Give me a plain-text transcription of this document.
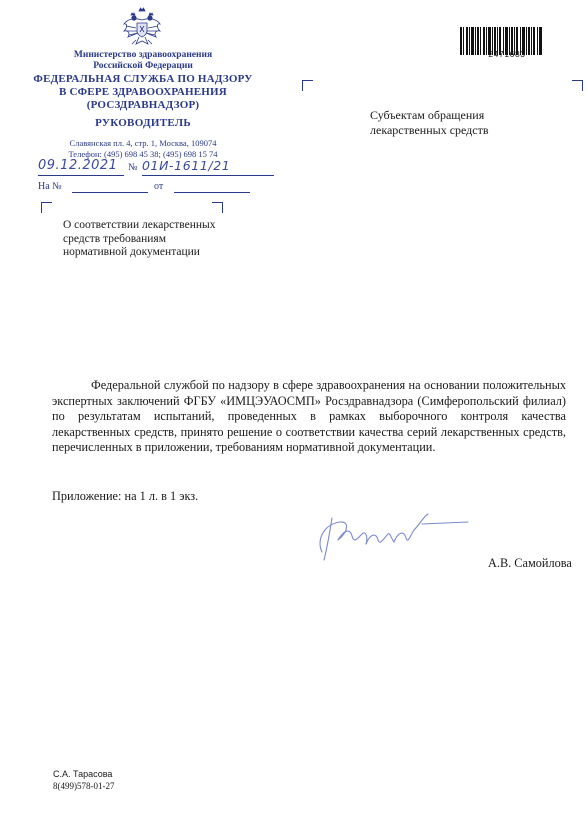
Министерство здравоохранения
Российской Федерации
ФЕДЕРАЛЬНАЯ СЛУЖБА ПО НАДЗОРУ
В СФЕРЕ ЗДРАВООХРАНЕНИЯ
(РОСЗДРАВНАДЗОР)
РУКОВОДИТЕЛЬ
Славянская пл. 4, стр. 1, Москва, 109074
Телефон: (495) 698 45 38; (495) 698 15 74
09.12.2021	№ 01И-1611/21
На №	от
О соответствии лекарственных
средств требованиям
нормативной документации
Субъектам обращения
лекарственных средств
2471683
Федеральной службой по надзору в сфере здравоохранения на основании положительных экспертных заключений ФГБУ «ИМЦЭУАОСМП» Росздравнадзора (Симферопольский филиал) по результатам испытаний, проведенных в рамках выборочного контроля качества лекарственных средств, принято решение о соответствии качества серий лекарственных средств, перечисленных в приложении, требованиям нормативной документации.
Приложение: на 1 л. в 1 экз.
А.В. Самойлова
С.А. Тарасова
8(499)578-01-27
